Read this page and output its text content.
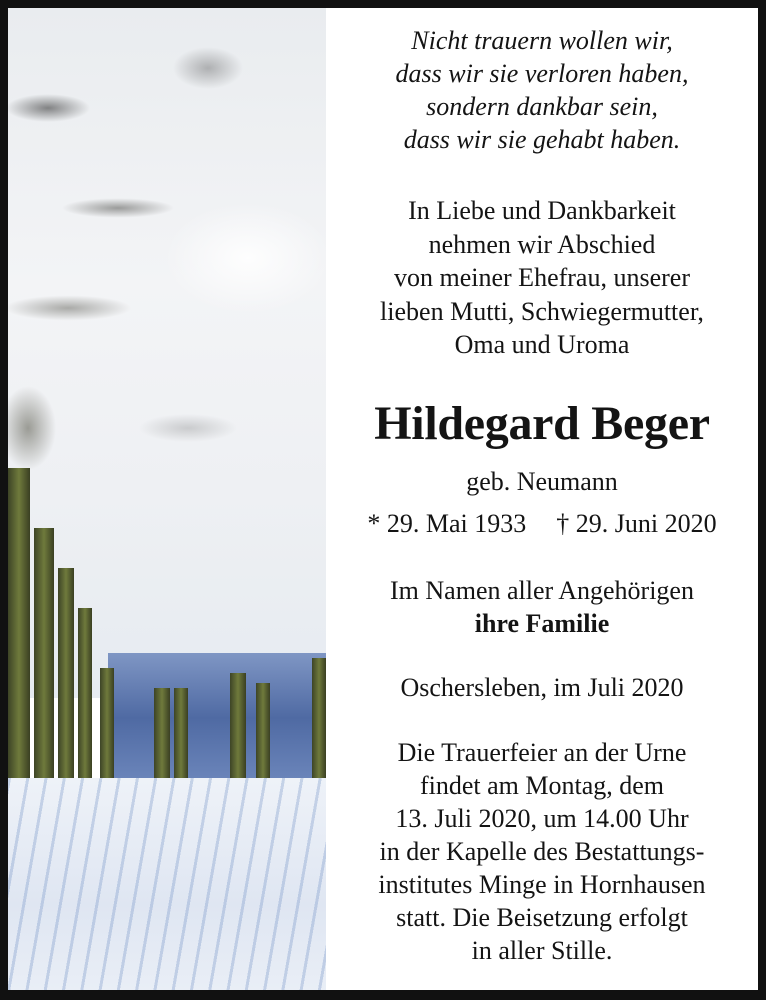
Nicht trauern wollen wir,
dass wir sie verloren haben,
sondern dankbar sein,
dass wir sie gehabt haben.
In Liebe und Dankbarkeit
nehmen wir Abschied
von meiner Ehefrau, unserer
lieben Mutti, Schwiegermutter,
Oma und Uroma
Hildegard Beger
geb. Neumann
* 29. Mai 1933 † 29. Juni 2020
Im Namen aller Angehörigen
ihre Familie
Oschersleben, im Juli 2020
Die Trauerfeier an der Urne
findet am Montag, dem
13. Juli 2020, um 14.00 Uhr
in der Kapelle des Bestattungs-
institutes Minge in Hornhausen
statt. Die Beisetzung erfolgt
in aller Stille.
